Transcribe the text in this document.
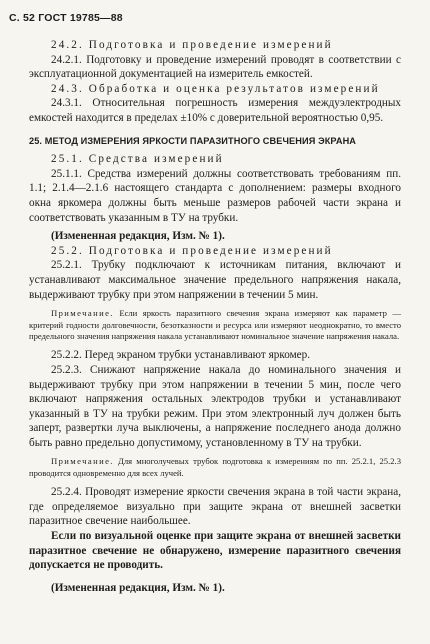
С. 52 ГОСТ 19785—88

24.2. Подготовка и проведение измерений

24.2.1. Подготовку и проведение измерений проводят в соответствии с эксплуатационной документацией на измеритель емкостей.

24.3. Обработка и оценка результатов измерений

24.3.1. Относительная погрешность измерения междуэлектродных емкостей находится в пределах ±10% с доверительной вероятностью 0,95.

25. МЕТОД ИЗМЕРЕНИЯ ЯРКОСТИ ПАРАЗИТНОГО СВЕЧЕНИЯ ЭКРАНА

25.1. Средства измерений

25.1.1. Средства измерений должны соответствовать требованиям пп. 1.1; 2.1.4—2.1.6 настоящего стандарта с дополнением: размеры входного окна яркомера должны быть меньше размеров рабочей части экрана и соответствовать указанным в ТУ на трубки.

(Измененная редакция, Изм. № 1).

25.2. Подготовка и проведение измерений

25.2.1. Трубку подключают к источникам питания, включают и устанавливают максимальное значение предельного напряжения накала, выдерживают трубку при этом напряжении в течении 5 мин.

Примечание. Если яркость паразитного свечения экрана измеряют как параметр — критерий годности долговечности, безотказности и ресурса или измеряют неоднократно, то вместо предельного значения напряжения накала устанавливают номинальное значение напряжения накала.

25.2.2. Перед экраном трубки устанавливают яркомер.

25.2.3. Снижают напряжение накала до номинального значения и выдерживают трубку при этом напряжении в течении 5 мин, после чего включают напряжения остальных электродов трубки и устанавливают указанный в ТУ на трубки режим. При этом электронный луч должен быть заперт, развертки луча выключены, а напряжение последнего анода должно быть равно предельно допустимому, установленному в ТУ на трубки.

Примечание. Для многолучевых трубок подготовка к измерениям по пп. 25.2.1, 25.2.3 проводится одновременно для всех лучей.

25.2.4. Проводят измерение яркости свечения экрана в той части экрана, где определяемое визуально при защите экрана от внешней засветки паразитное свечение наибольшее.

Если по визуальной оценке при защите экрана от внешней засветки паразитное свечение не обнаружено, измерение паразитного свечения допускается не проводить.

(Измененная редакция, Изм. № 1).
